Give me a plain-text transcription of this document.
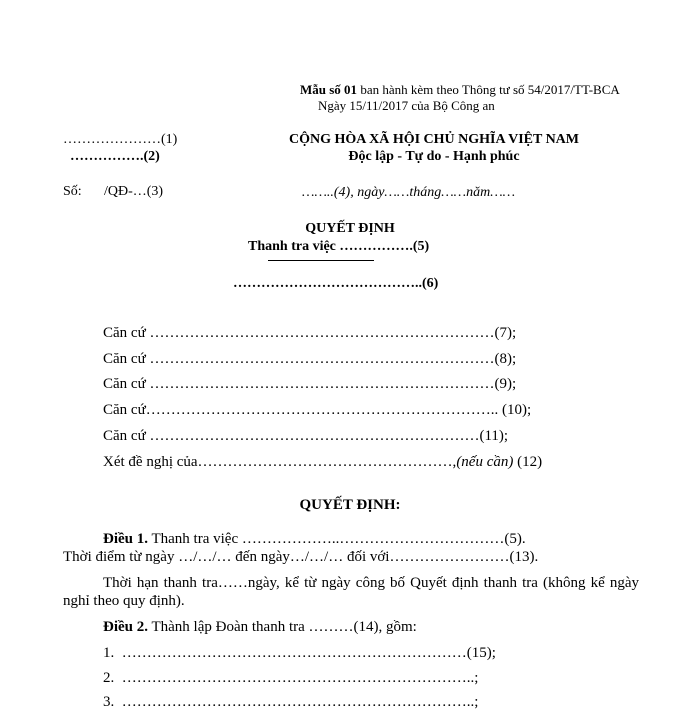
Mẫu số 01 ban hành kèm theo Thông tư số 54/2017/TT-BCA
Ngày 15/11/2017 của Bộ Công an
…………………(1)
…………….(2)
CỘNG HÒA XÃ HỘI CHỦ NGHĨA VIỆT NAM
Độc lập - Tự do - Hạnh phúc
Số: /QĐ-…(3)	……..(4), ngày……tháng……năm……
QUYẾT ĐỊNH
Thanh tra việc …………….(5)
…………………………………..(6)
Căn cứ ……………………………………………………………(7);
Căn cứ ……………………………………………………………(8);
Căn cứ ……………………………………………………………(9);
Căn cứ…………………………………………………………….. (10);
Căn cứ …………………………………………………………(11);
Xét đề nghị của……………………………………………,(nếu cần) (12)
QUYẾT ĐỊNH:
Điều 1. Thanh tra việc ………………..……………………………(5).
Thời điểm từ ngày …/…/… đến ngày…/…/… đối với……………………(13).
Thời hạn thanh tra……ngày, kể từ ngày công bố Quyết định thanh tra (không kể ngày nghỉ theo quy định).
Điều 2. Thành lập Đoàn thanh tra ………(14), gồm:
1.  ……………………………………………………………(15);
2.  ……………………………………………………………..;
3.  ……………………………………………………………..;
